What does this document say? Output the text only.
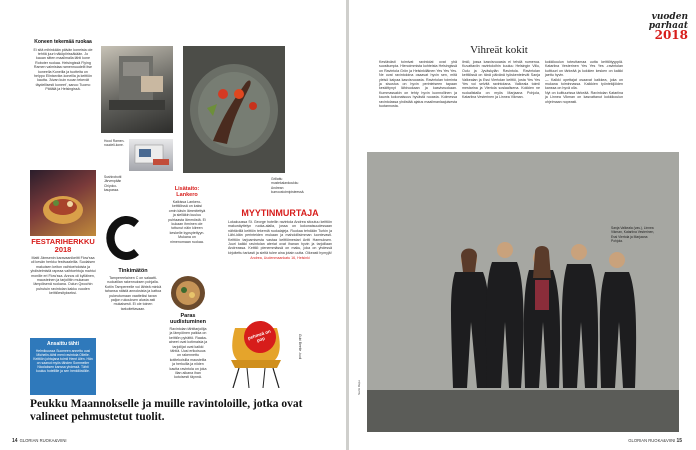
Koneen tekemää ruokaa
Ei sitä mihinkään päivän koneista ole tehtiä juuri näköpiirissäkään. Jo kauan sitten maailmalla lähti kone Roboter ruokaa. Helsingissä Flying Ramen valmistaa ramennuudelit itse koneella Koneilla ja tuotteita on helppo Elintarvike-koneilla ja keittiön kautta. 'Aivan kuin ruoan tekevät täydellisesti koneet', sanoo Tuomo Pätiälä ja Helsingissä.
Hood Ramen-nuudeli-kone.
Sushirobotti Järvenpään Chiyoko-kaupassa.
Grillattu mustekalankoukku Andrean kumoustoimipisteessä.
FESTARIHERKKU 2018
Matti Jämsenin karavaanikeitti Flow'ssa oli kesän herkku festivaaleilla. Suolaisen makuisen keiton vaihtoehdoista ja yhdistelmistä rapeaa vaihtoehtoja mahtui monille eri Flow'ssa. Annos oli kylläinen, mausteinen ja tarjoiltiin mukavan lämpöisenä ruokana. Oulun Qwochin puhutuin ravintolan kakku vuoden keittiöesitykseksi.
Tinkimätön
Tampereelainen C on salaatti-ruokatilan rakennuksen pohjalla. Kotiin Tampereelle voi lähteä minkä tahansa näistä annoksista ja kattoa pukeutumaan vaatteiksi tavan paljon rukouksen alusta asti mukaisesti. Ei ole toinen tarkoitettavaan.
Lisätaito: Lankero
Kaikissa Lankero-keittiöissä on kaksi omin käsin lämmitettyä ja sielläkin kuuluu puhtaasta lämmöstä. Ei kukaan ihminen ole tottunut näin kiireen keskelle kypsytettyyn. Mukana on nimenomaan ruokaa.
Paras uudistuminen
Ravintolan tähtitarjoilija ja lämpöinen paikka on keittiön pyhättö. Raaka-aineet ovat kotimaisia ja tarjoilijat ovat kaikki tähtiä. Uusi erikoisuus on rakennettu kotitekoisilla mausteilla ja herkuilla ja niiden kautta ravintola on joka illan aikana ihan kotoisesti täynnä.
MYYTINMURTAJA
Lokakuussa St. George hotellin ravintola Andrea sitoutuu keittiön makunäyttelyn ruoka-alalla, jossa on kokonaisuudessaan nähtävillä keittiön tekemiä ruokalajeja. Ruokaa tehdään Turkin ja Lähi-idän perinteiden mukaan ja mahdollisimman luontevasti. Keittiön tarjoamisesta vastaa keittiömestari Antti Harmuksen. Juuri kaikki ravintolan ateriat ovat ihanan hyvin ja tarjoillaan Andreassa. Keittiö pienemmässä on maku, joka on yhdessä kirjoitettu tarkasti ja sieltä tulee aina jotain uutta. Oikeasti hymyjä!
Andrea, Uudenmaankatu 16, Helsinki
pehmeä on pop	Gubi Beetle -tuoli
Ansaittu tähti
Helmikuussa Suomeen annettu uusi Michelin-tähti meni ravintola Ollelle. Keittiön johtajana toimii Henri Alén. Hän on saanut myös tähden Sommelier Nicolaksen kanssa yhdessä. Tähti kuuluu hotellille ja sen henkilöstölle.
Peukku Maannokselle ja muille ravintoloille, jotka ovat valineet pehmustetut tuolit.
14 GLORIAN RUOKA&VIINI
vuoden
parhaat
2018
Vihreät kokit
Kestävästi toimivat ravintolat ovat yhä suositumpia. Hienoimmista kohteista Helsingissä on Ravintola Grön ja Helsinkiläinen Yes Yes Yes. Ne ovat ravintoloina osaavat hyvin sen, mitä yleisö kaipaa kasvisruoasta. Ravintolan toiminta ja sisustus on hyvin perinteiseen tapaan keskittynyt lähiruokaan ja kasvisruokaan. Kummassakin on tehty hyvin luonnollinen ja kaunis kokonaisuus hyvästä ruoasta. Kolmessa ravintolassa yhdistää ajatus maailmanlaajuisesta tuotannosta.
ilmiö, jossa kasvisruoasta ei tehdä numeroa. Kuvattaviin ravintoloihin kuuluu Helsingin Viilu, Oulu ja Jyväskylän Ravintola. Ravintolan keittiössä on tänä päivänä työskentelevät Sanja Valkealan ja Essi Viertolan keittiö, josta Yes Yes Yes voi selvitä ravintolana. Valkeala toimii mestarina ja Viertola sosiaalisena. Kokkien ne ruokalistalla on myös Marjaana Pohjola, Katariina Vesterinen ja Linnea Vikman.
kokkikoulun toteuttamaa uutta keittiötyyppiä. Katariina Vesterinen Yes Yes Yes -ravintolan kulttuuri on tärkeää ja kokkien kesken on kaikki jaettu hyvin.
— Kaikki opettajat osaavat kaikkea, joka on mukana toiminnassa. Kaikkien työntekijöiden kanssa on hyvä olla.
Nyt on kulttuurissa tärkeää. Ravintolan Katariina ja Linnea Vikman on kasvattanut kokkikoulun ohjelmaan nopeasti.
Sanja Valkeala (vas.), Linnea Vikman, Katariina Vesterinen, Essi Viertola ja Marjaana Pohjola.
Sami Repo
GLORIAN RUOKA&VIINI 15
